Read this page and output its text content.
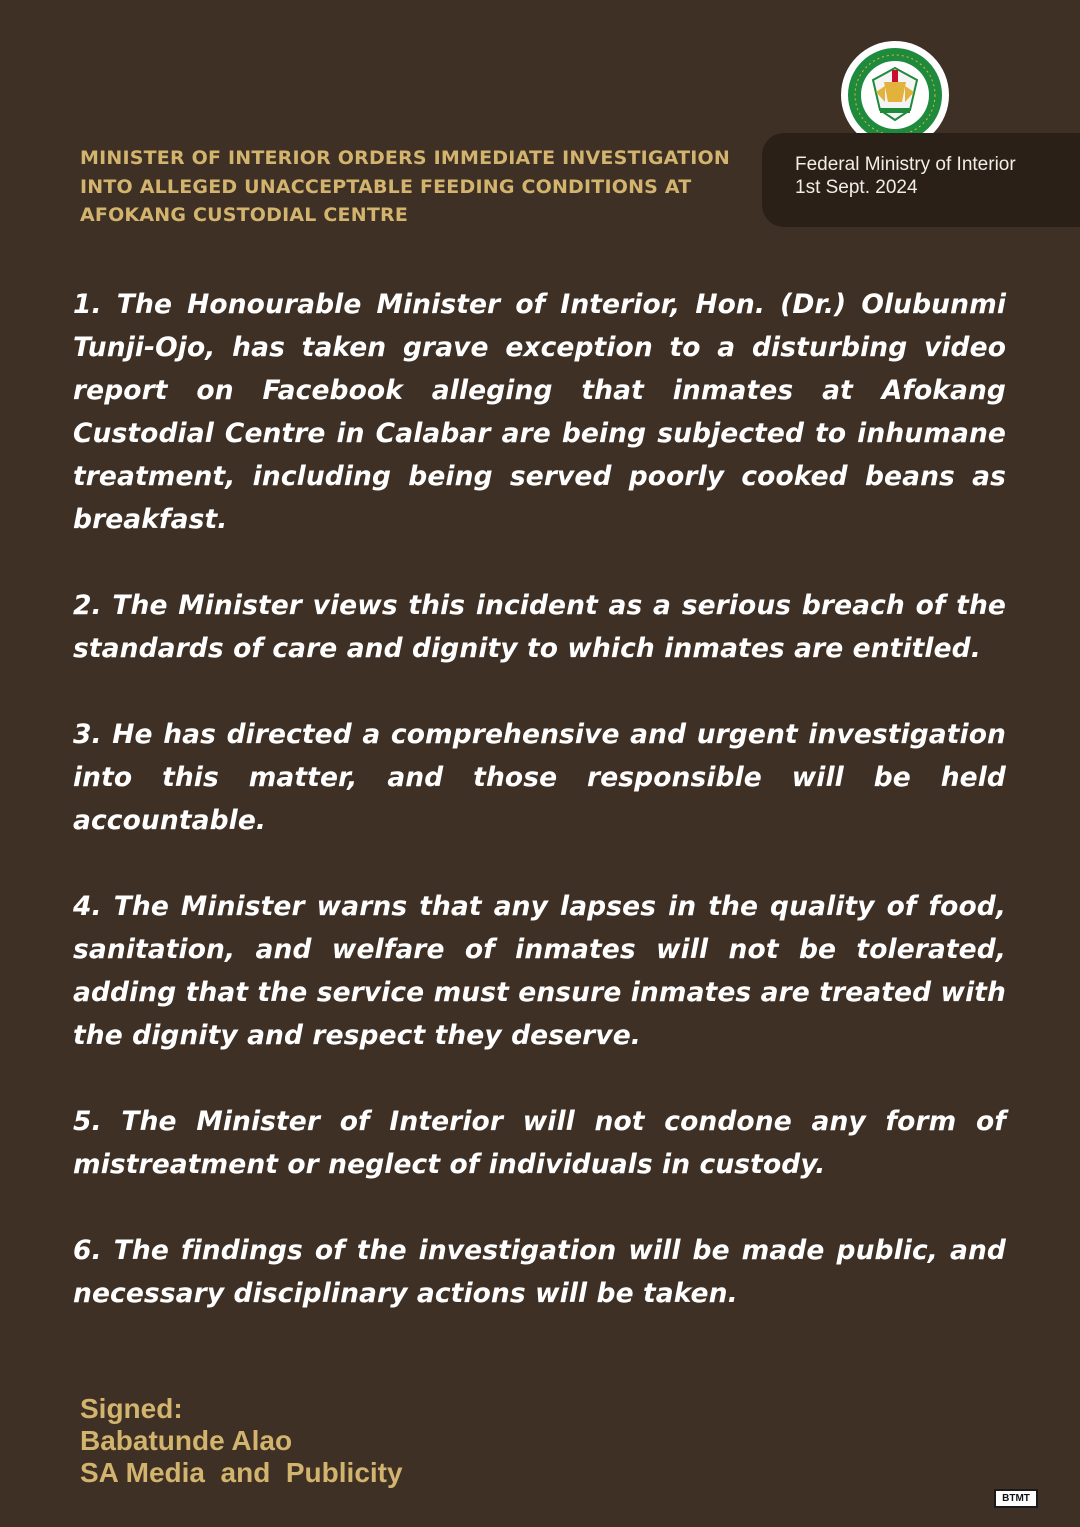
Federal Ministry of Interior
1st Sept. 2024
MINISTER OF INTERIOR ORDERS IMMEDIATE INVESTIGATION INTO ALLEGED UNACCEPTABLE FEEDING CONDITIONS AT AFOKANG CUSTODIAL CENTRE

1. The Honourable Minister of Interior, Hon. (Dr.) Olubunmi Tunji-Ojo, has taken grave exception to a disturbing video report on Facebook alleging that inmates at Afokang Custodial Centre in Calabar are being subjected to inhumane treatment, including being served poorly cooked beans as breakfast.

2. The Minister views this incident as a serious breach of the standards of care and dignity to which inmates are entitled.

3. He has directed a comprehensive and urgent investigation into this matter, and those responsible will be held accountable.

4. The Minister warns that any lapses in the quality of food, sanitation, and welfare of inmates will not be tolerated, adding that the service must ensure inmates are treated with the dignity and respect they deserve.

5. The Minister of Interior will not condone any form of mistreatment or neglect of individuals in custody.

6. The findings of the investigation will be made public, and necessary disciplinary actions will be taken.

Signed:
Babatunde Alao
SA Media  and  Publicity
BTMT
